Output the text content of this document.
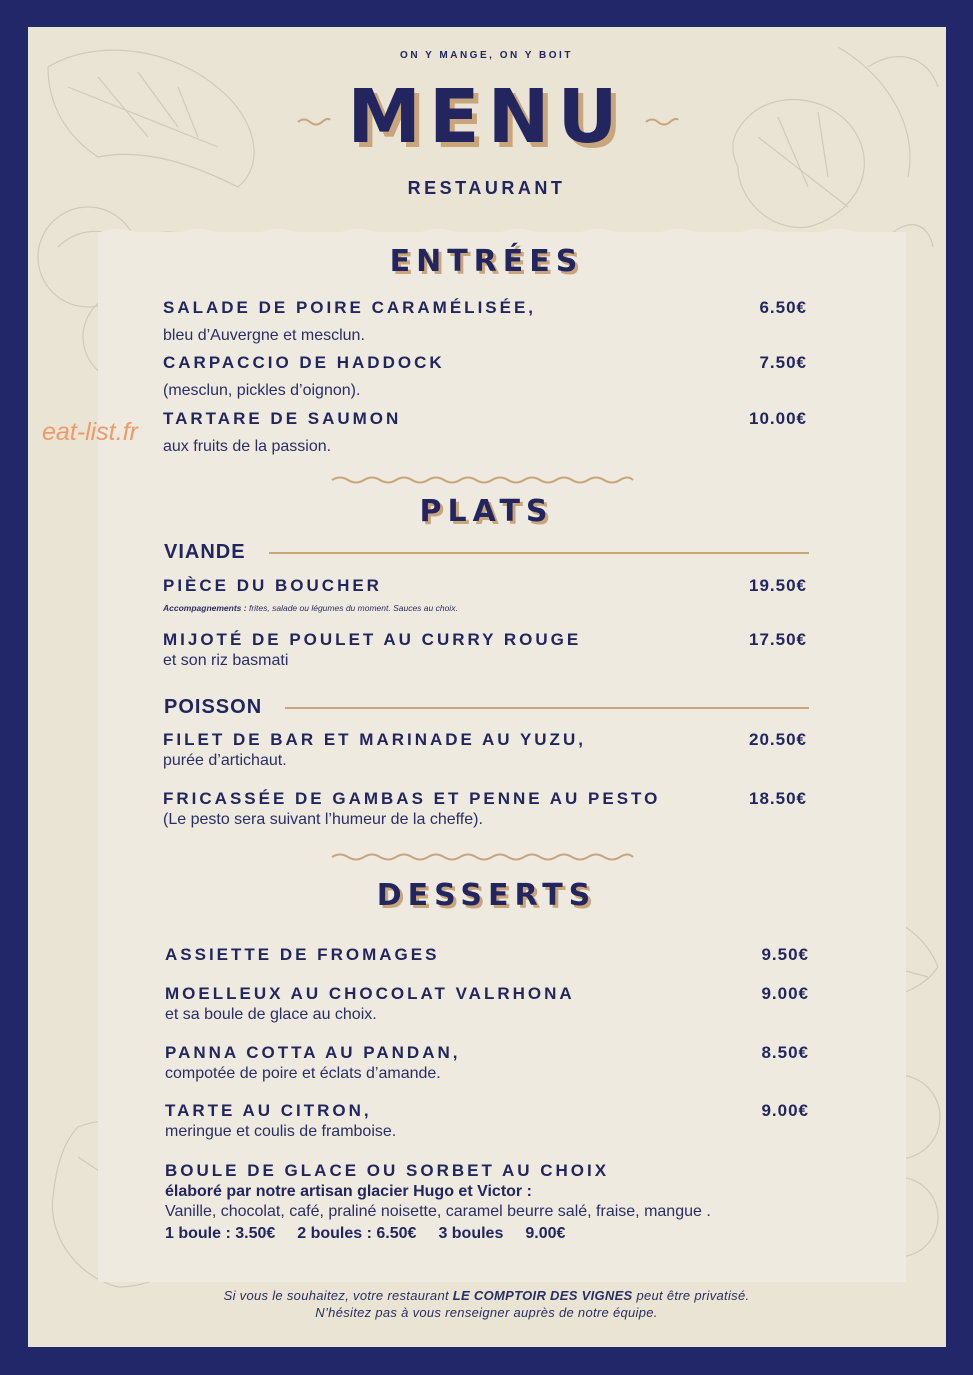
ON Y MANGE, ON Y BOIT
MENU
RESTAURANT
eat-list.fr
ENTRÉES
SALADE DE POIRE CARAMÉLISÉE,
bleu d’Auvergne et mesclun.
6.50€
CARPACCIO DE HADDOCK
(mesclun, pickles d’oignon).
7.50€
TARTARE DE SAUMON
aux fruits de la passion.
10.00€
PLATS
VIANDE
PIÈCE DU BOUCHER
Accompagnements : frites, salade ou légumes du moment. Sauces au choix.
19.50€
MIJOTÉ DE POULET AU CURRY ROUGE
et son riz basmati
17.50€
POISSON
FILET DE BAR ET MARINADE AU YUZU,
purée d’artichaut.
20.50€
FRICASSÉE DE GAMBAS ET PENNE AU PESTO
(Le pesto sera suivant l’humeur de la cheffe).
18.50€
DESSERTS
ASSIETTE DE FROMAGES	9.50€
MOELLEUX AU CHOCOLAT VALRHONA
et sa boule de glace au choix.
9.00€
PANNA COTTA AU PANDAN,
compotée de poire et éclats d’amande.
8.50€
TARTE AU CITRON,
meringue et coulis de framboise.
9.00€
BOULE DE GLACE OU SORBET AU CHOIX
élaboré par notre artisan glacier Hugo et Victor :
Vanille, chocolat, café, praliné noisette, caramel beurre salé, fraise, mangue .
1 boule : 3.50€ 2 boules : 6.50€ 3 boules 9.00€
Si vous le souhaitez, votre restaurant LE COMPTOIR DES VIGNES peut être privatisé.
N’hésitez pas à vous renseigner auprès de notre équipe.
